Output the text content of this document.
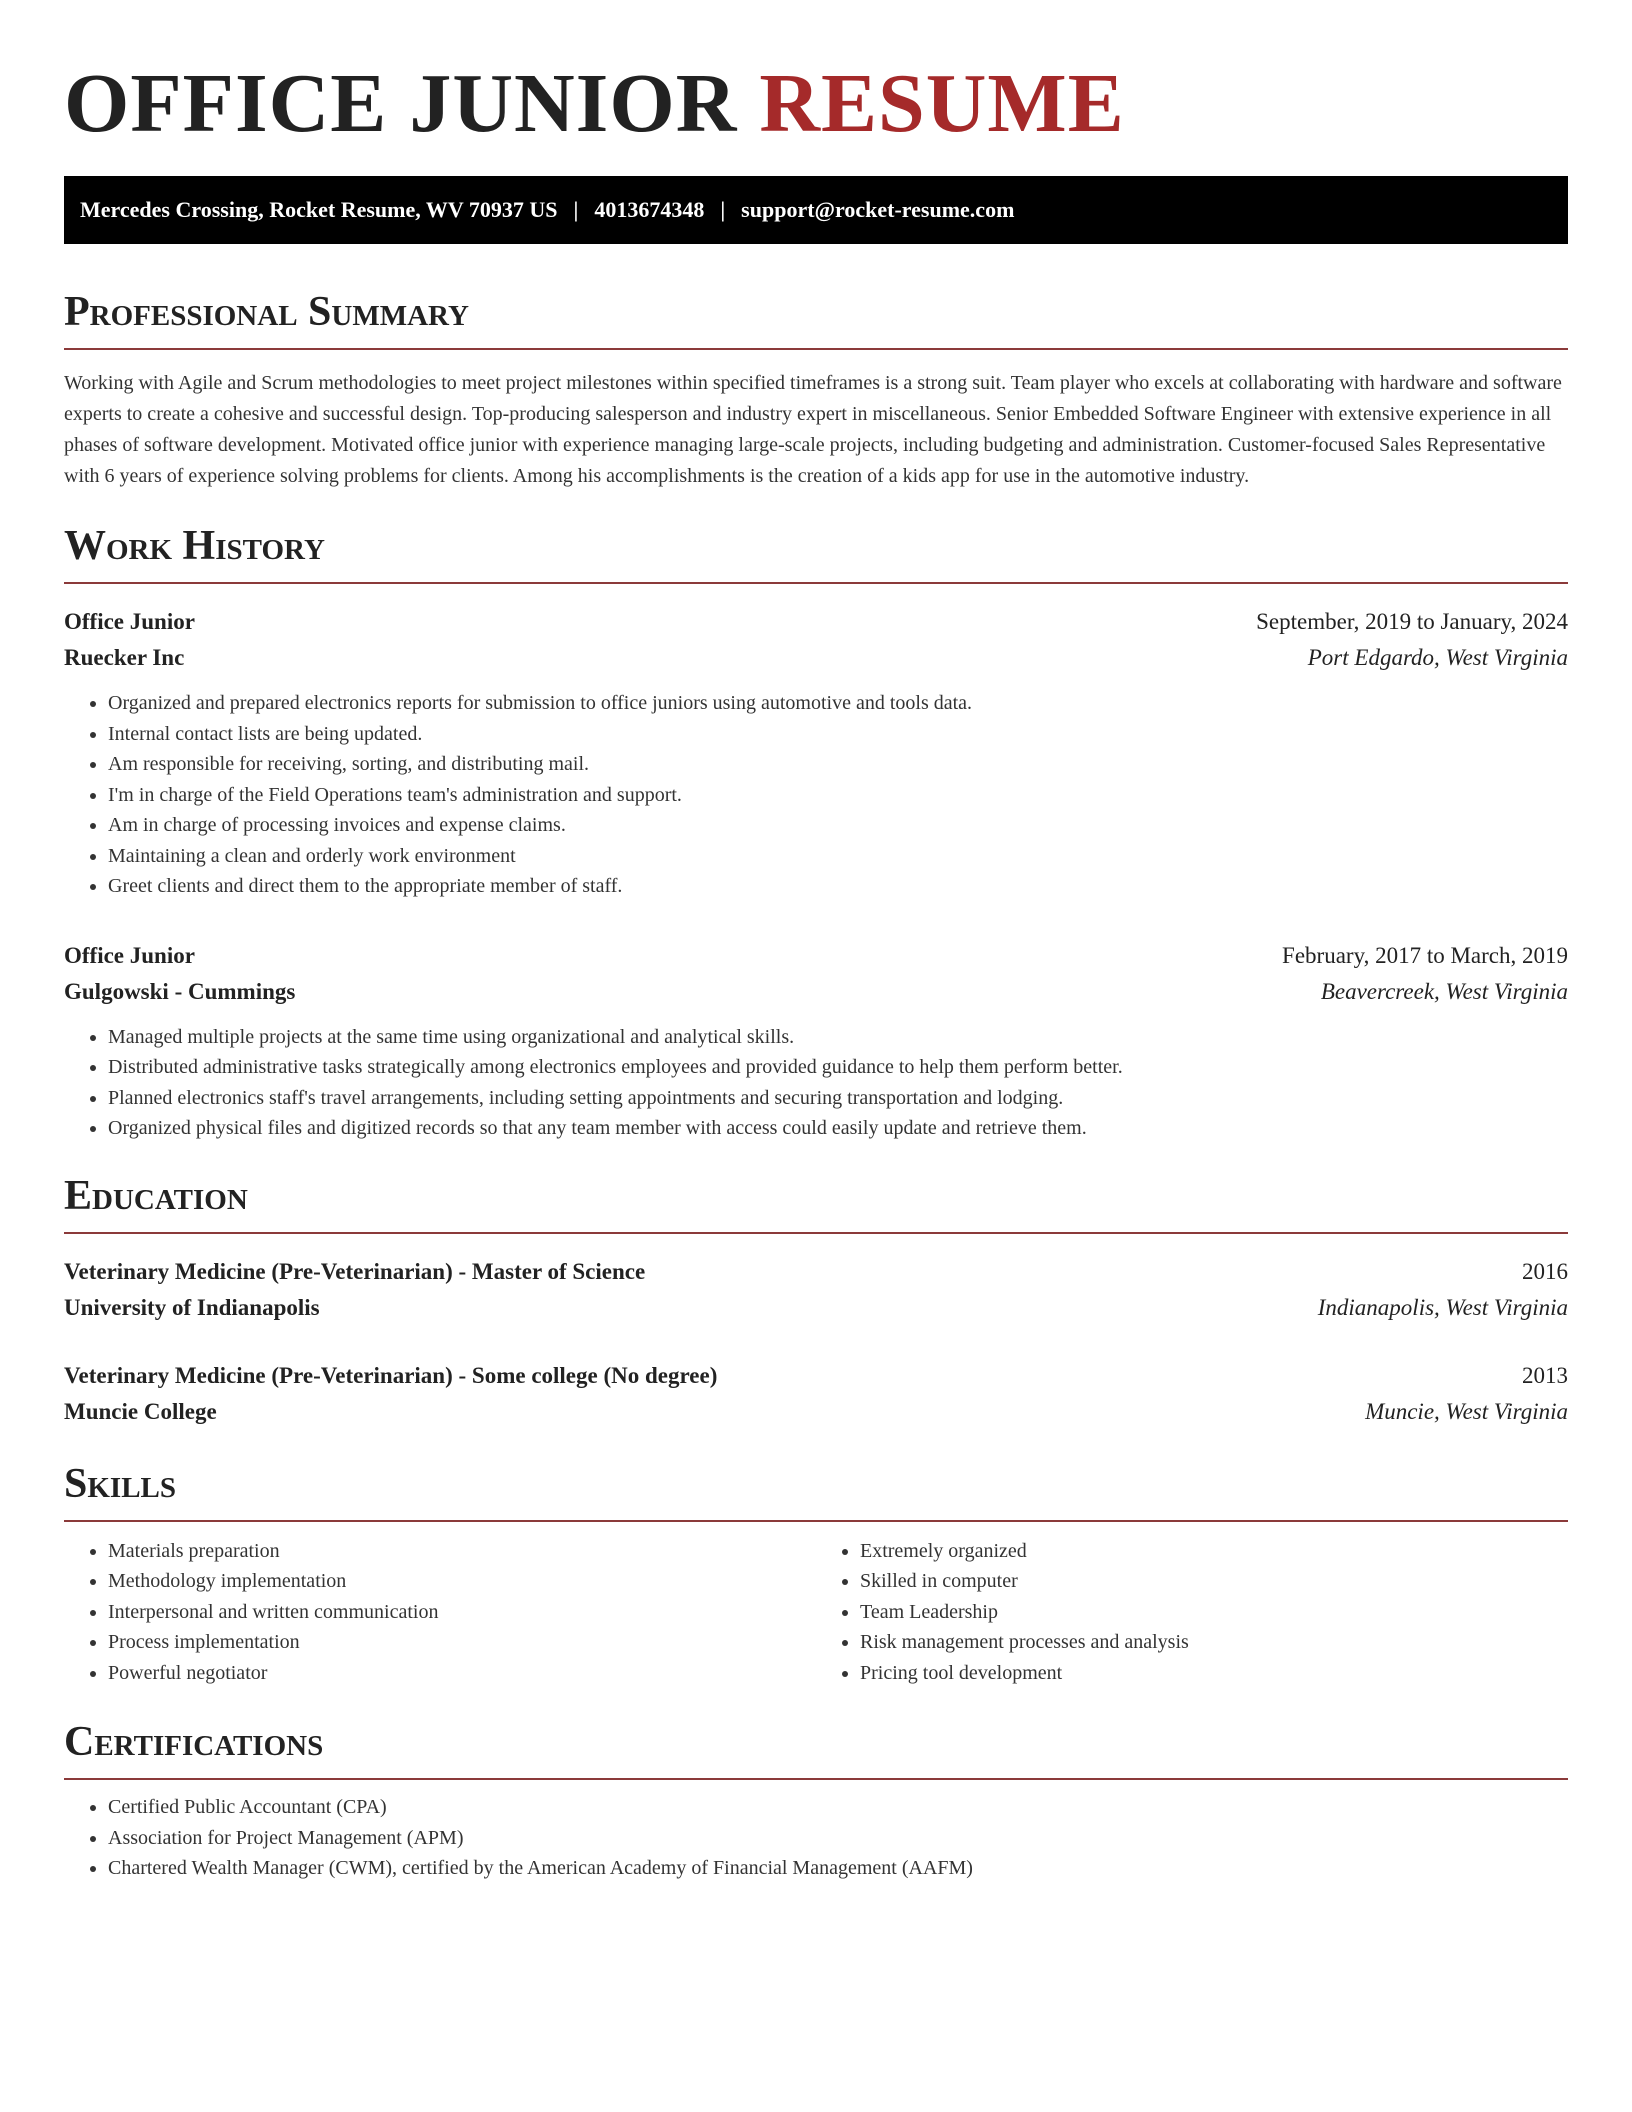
OFFICE JUNIOR RESUME
Mercedes Crossing, Rocket Resume, WV 70937 US | 4013674348 | support@rocket-resume.com
Professional Summary

Working with Agile and Scrum methodologies to meet project milestones within specified timeframes is a strong suit. Team player who excels at collaborating with hardware and software experts to create a cohesive and successful design. Top-producing salesperson and industry expert in miscellaneous. Senior Embedded Software Engineer with extensive experience in all phases of software development. Motivated office junior with experience managing large-scale projects, including budgeting and administration. Customer-focused Sales Representative with 6 years of experience solving problems for clients. Among his accomplishments is the creation of a kids app for use in the automotive industry.

Work History
Office Junior	September, 2019 to January, 2024
Ruecker Inc	Port Edgardo, West Virginia
• Organized and prepared electronics reports for submission to office juniors using automotive and tools data.
• Internal contact lists are being updated.
• Am responsible for receiving, sorting, and distributing mail.
• I'm in charge of the Field Operations team's administration and support.
• Am in charge of processing invoices and expense claims.
• Maintaining a clean and orderly work environment
• Greet clients and direct them to the appropriate member of staff.
Office Junior	February, 2017 to March, 2019
Gulgowski - Cummings	Beavercreek, West Virginia
• Managed multiple projects at the same time using organizational and analytical skills.
• Distributed administrative tasks strategically among electronics employees and provided guidance to help them perform better.
• Planned electronics staff's travel arrangements, including setting appointments and securing transportation and lodging.
• Organized physical files and digitized records so that any team member with access could easily update and retrieve them.
Education
Veterinary Medicine (Pre-Veterinarian) - Master of Science	2016
University of Indianapolis	Indianapolis, West Virginia
Veterinary Medicine (Pre-Veterinarian) - Some college (No degree)	2013
Muncie College	Muncie, West Virginia
Skills
• Materials preparation
• Methodology implementation
• Interpersonal and written communication
• Process implementation
• Powerful negotiator
• Extremely organized
• Skilled in computer
• Team Leadership
• Risk management processes and analysis
• Pricing tool development
Certifications
• Certified Public Accountant (CPA)
• Association for Project Management (APM)
• Chartered Wealth Manager (CWM), certified by the American Academy of Financial Management (AAFM)
